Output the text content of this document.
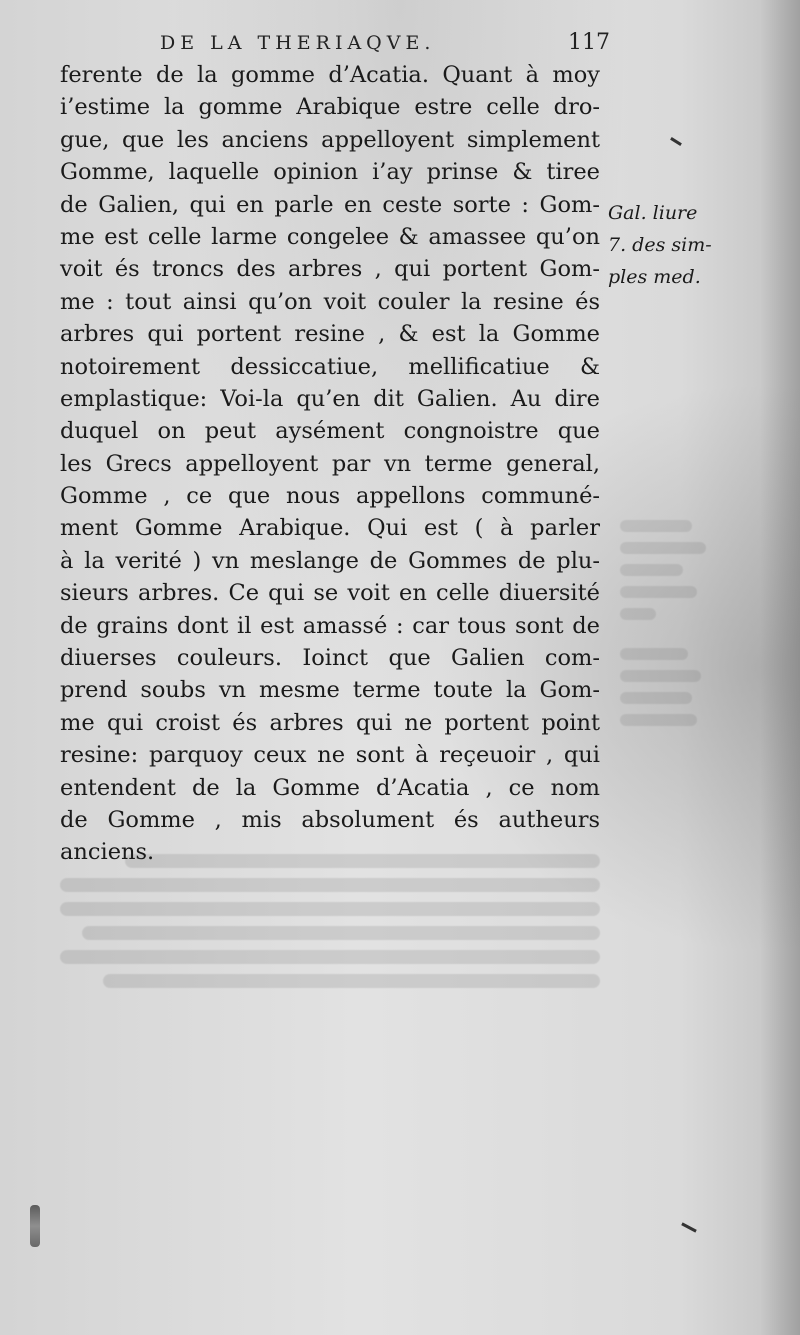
DE LA THERIAQVE.	117
ferente de la gomme d’Acatia. Quant à moy
i’estime la gomme Arabique estre celle dro-
gue, que les anciens appelloyent simplement
Gomme, laquelle opinion i’ay prinse & tiree
de Galien, qui en parle en ceste sorte : Gom-
me est celle larme congelee & amassee qu’on
voit és troncs des arbres , qui portent Gom-
me : tout ainsi qu’on voit couler la resine és
arbres qui portent resine , & est la Gomme
notoirement dessiccatiue, mellificatiue &
emplastique: Voi-la qu’en dit Galien. Au dire
duquel on peut aysément congnoistre que
les Grecs appelloyent par vn terme general,
Gomme , ce que nous appellons communé-
ment Gomme Arabique. Qui est ( à parler
à la verité ) vn meslange de Gommes de plu-
sieurs arbres. Ce qui se voit en celle diuersité
de grains dont il est amassé : car tous sont de
diuerses couleurs. Ioinct que Galien com-
prend soubs vn mesme terme toute la Gom-
me qui croist és arbres qui ne portent point
resine: parquoy ceux ne sont à reçeuoir , qui
entendent de la Gomme d’Acatia , ce nom
de Gomme , mis absolument és autheurs
anciens.
Gal. liure
7. des sim-
ples med.
